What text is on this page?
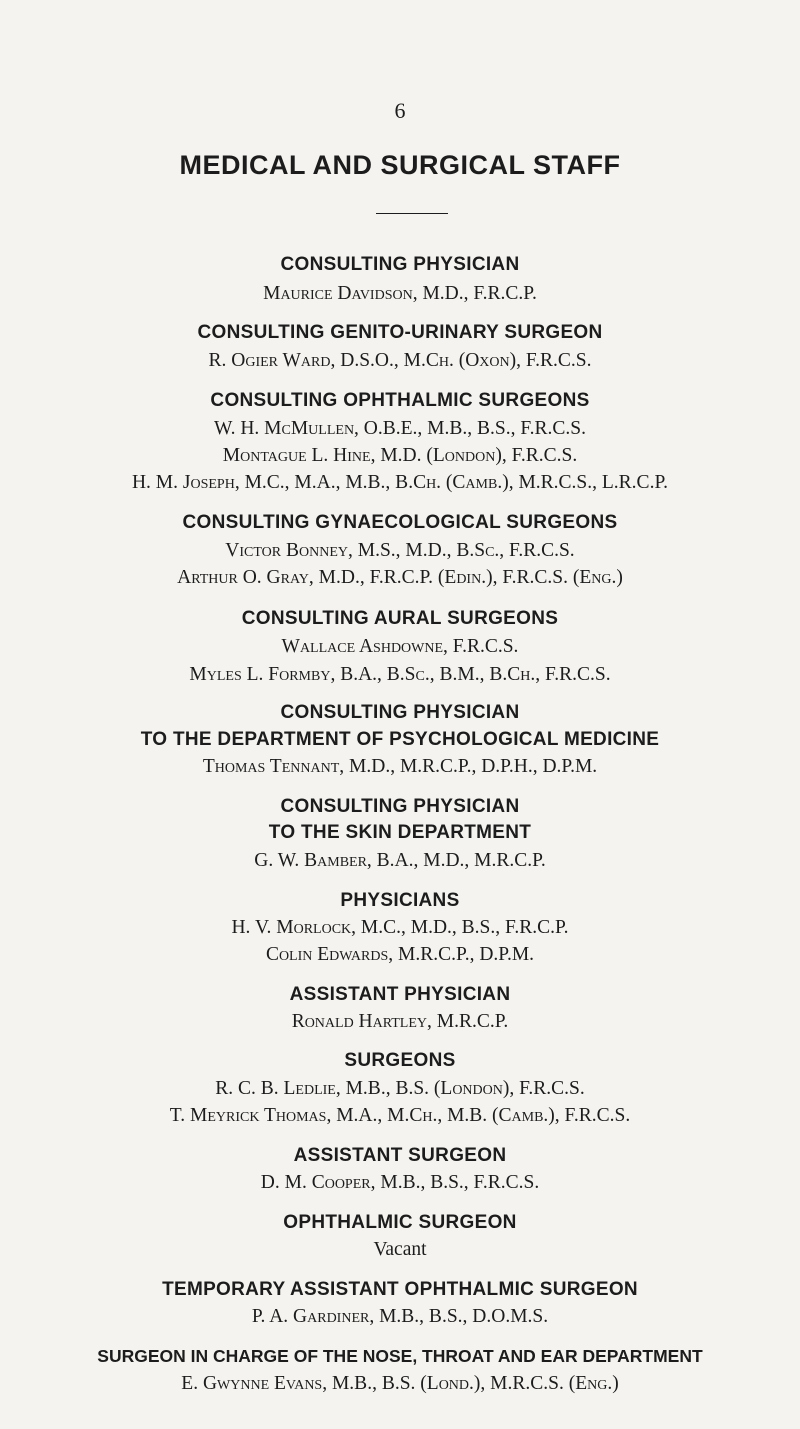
6
MEDICAL AND SURGICAL STAFF
CONSULTING PHYSICIAN
Maurice Davidson, M.D., F.R.C.P.
CONSULTING GENITO-URINARY SURGEON
R. Ogier Ward, D.S.O., M.Ch. (Oxon), F.R.C.S.
CONSULTING OPHTHALMIC SURGEONS
W. H. McMullen, O.B.E., M.B., B.S., F.R.C.S.
Montague L. Hine, M.D. (London), F.R.C.S.
H. M. Joseph, M.C., M.A., M.B., B.Ch. (Camb.), M.R.C.S., L.R.C.P.
CONSULTING GYNAECOLOGICAL SURGEONS
Victor Bonney, M.S., M.D., B.Sc., F.R.C.S.
Arthur O. Gray, M.D., F.R.C.P. (Edin.), F.R.C.S. (Eng.)
CONSULTING AURAL SURGEONS
Wallace Ashdowne, F.R.C.S.
Myles L. Formby, B.A., B.Sc., B.M., B.Ch., F.R.C.S.
CONSULTING PHYSICIAN
TO THE DEPARTMENT OF PSYCHOLOGICAL MEDICINE
Thomas Tennant, M.D., M.R.C.P., D.P.H., D.P.M.
CONSULTING PHYSICIAN
TO THE SKIN DEPARTMENT
G. W. Bamber, B.A., M.D., M.R.C.P.
PHYSICIANS
H. V. Morlock, M.C., M.D., B.S., F.R.C.P.
Colin Edwards, M.R.C.P., D.P.M.
ASSISTANT PHYSICIAN
Ronald Hartley, M.R.C.P.
SURGEONS
R. C. B. Ledlie, M.B., B.S. (London), F.R.C.S.
T. Meyrick Thomas, M.A., M.Ch., M.B. (Camb.), F.R.C.S.
ASSISTANT SURGEON
D. M. Cooper, M.B., B.S., F.R.C.S.
OPHTHALMIC SURGEON
Vacant
TEMPORARY ASSISTANT OPHTHALMIC SURGEON
P. A. Gardiner, M.B., B.S., D.O.M.S.
SURGEON IN CHARGE OF THE NOSE, THROAT AND EAR DEPARTMENT
E. Gwynne Evans, M.B., B.S. (Lond.), M.R.C.S. (Eng.)
